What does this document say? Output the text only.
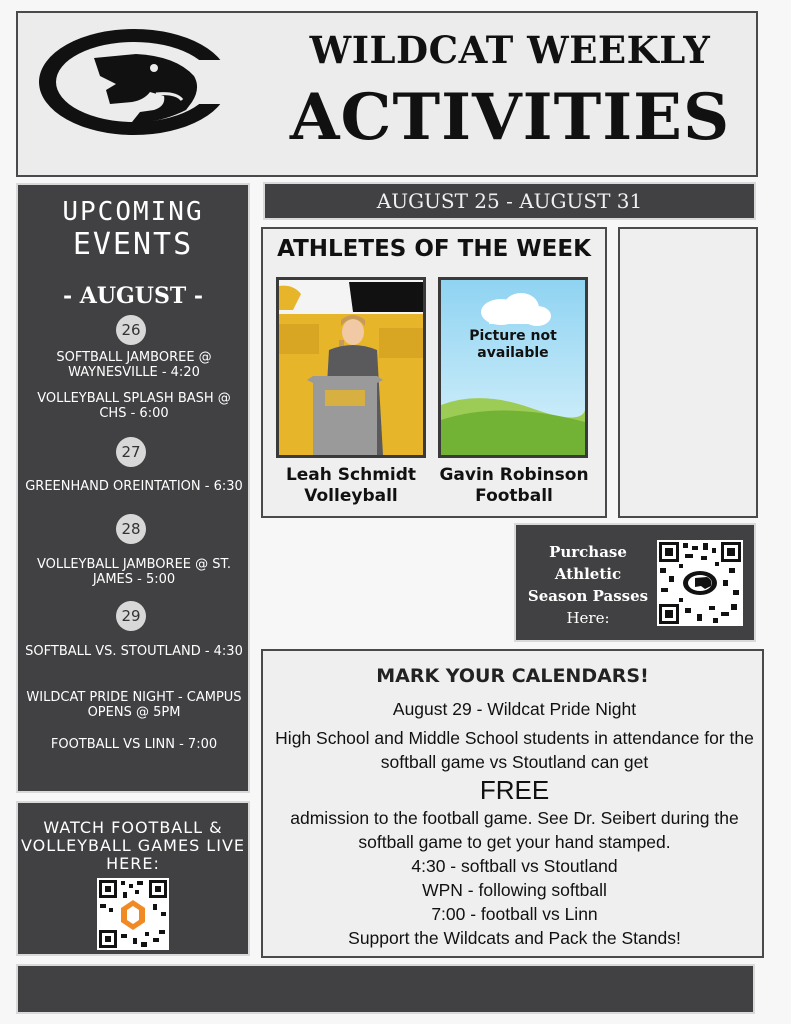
WILDCAT WEEKLY
ACTIVITIES
UPCOMING
EVENTS
- AUGUST -
26
SOFTBALL JAMBOREE @ WAYNESVILLE - 4:20
VOLLEYBALL SPLASH BASH @ CHS - 6:00
27
GREENHAND OREINTATION - 6:30
28
VOLLEYBALL JAMBOREE @ ST. JAMES - 5:00
29
SOFTBALL VS. STOUTLAND - 4:30
WILDCAT PRIDE NIGHT - CAMPUS OPENS @ 5PM
FOOTBALL VS LINN - 7:00
WATCH FOOTBALL & VOLLEYBALL GAMES LIVE HERE:
AUGUST 25 - AUGUST 31
ATHLETES OF THE WEEK
Picture not available
Leah Schmidt
Volleyball
Gavin Robinson
Football
Purchase
Athletic
Season Passes
Here:
MARK YOUR CALENDARS!
August 29 - Wildcat Pride Night
High School and Middle School students in attendance for the softball game vs Stoutland can get
FREE
admission to the football game. See Dr. Seibert during the softball game to get your hand stamped.
4:30 - softball vs Stoutland
WPN - following softball
7:00 - football vs Linn
Support the Wildcats and Pack the Stands!
